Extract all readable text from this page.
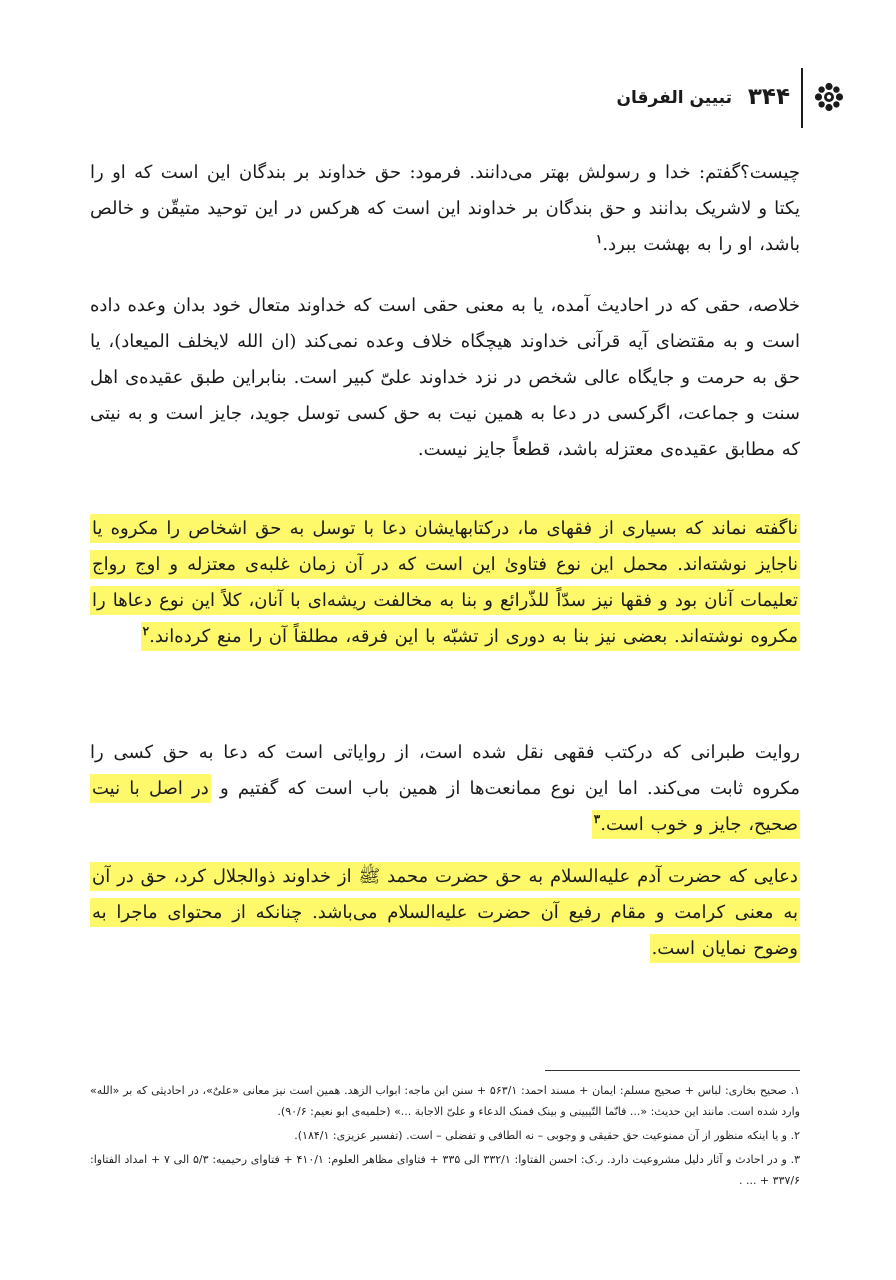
۳۴۴
تبیین الفرقان
چیست؟گفتم: خدا و رسولش بهتر می‌دانند. فرمود: حق خداوند بر بندگان این است که او را یکتا و لاشریک بدانند و حق بندگان بر خداوند این است که هرکس در این توحید متیقّن و خالص باشد، او را به بهشت ببرد.$^۱$
خلاصه، حقی که در احادیث آمده، یا به معنی حقی است که خداوند متعال خود بدان وعده داده است و به مقتضای آیه قرآنی خداوند هیچگاه خلاف وعده نمی‌کند (ان الله لایخلف المیعاد)، یا حق به حرمت و جایگاه عالی شخص در نزد خداوند علیّ کبیر است. بنابراین طبق عقیده‌ی اهل سنت و جماعت، اگرکسی در دعا به همین نیت به حق کسی توسل جوید، جایز است و به نیتی که مطابق عقیده‌ی معتزله باشد، قطعاً جایز نیست.
ناگفته نماند که بسیاری از فقهای ما، درکتابهایشان دعا با توسل به حق اشخاص را مکروه یا ناجایز نوشته‌اند. محمل این نوع فتاویٰ این است که در آن زمان غلبه‌ی معتزله و اوج رواج تعلیمات آنان بود و فقها نیز سدّاً للذّرائع و بنا به مخالفت ریشه‌ای با آنان، کلاً این نوع دعاها را مکروه نوشته‌اند. بعضی نیز بنا به دوری از تشبّه با این فرقه، مطلقاً آن را منع کرده‌اند.$^۲$
روایت طبرانی که درکتب فقهی نقل شده است، از روایاتی است که دعا به حق کسی را مکروه ثابت می‌کند. اما این نوع ممانعت‌ها از همین باب است که گفتیم و در اصل با نیت صحیح، جایز و خوب است.$^۳$
دعایی که حضرت آدم علیه‌السلام به حق حضرت محمد ﷺ از خداوند ذوالجلال کرد، حق در آن به معنی کرامت و مقام رفیع آن حضرت علیه‌السلام می‌باشد. چنانکه از محتوای ماجرا به وضوح نمایان است.

۱. صحیح بخاری: لباس + صحیح مسلم: ایمان + مسند احمد: ۵۶۳/۱ + سنن ابن ماجه: ابواب الزهد. همین است نیز معانی «علیٌ»، در احادیثی که بر «الله» وارد شده است. مانند این حدیث: «... فانّما التّیبینی و بینک فمنک الدعاء و علیّ الاجابة ...» (حلمیه‌ی ابو نعیم: ۹۰/۶).

۲. و یا اینکه منظور از آن ممنوعیت حق حقیقی و وجوبی – نه الطافی و تفضلی – است. (تفسیر عزیزی: ۱۸۴/۱).

۳. و در احادث و آثار دلیل مشروعیت دارد. ر.ک: احسن الفتاوا: ۳۳۲/۱ الی ۳۳۵ + فتاوای مظاهر العلوم: ۴۱۰/۱ + فتاوای رحیمیه: ۵/۳ الی ۷ + امداد الفتاوا: ۳۳۷/۶ + ... .
